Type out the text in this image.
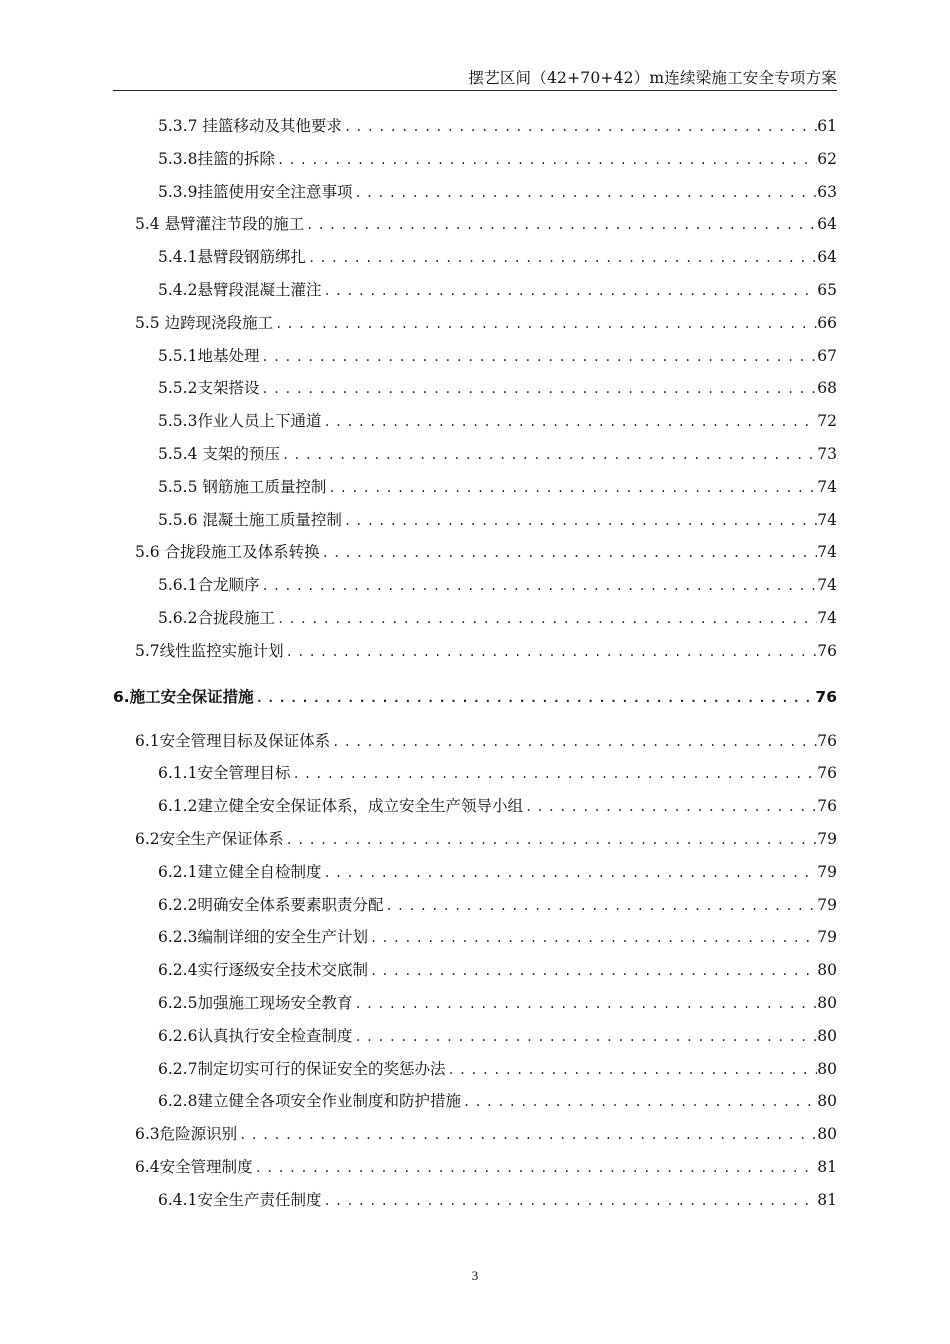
摆艺区间（42+70+42）m连续梁施工安全专项方案
5.3.7 挂篮移动及其他要求 .....	61
5.3.8挂篮的拆除 .....	62
5.3.9挂篮使用安全注意事项 .....	63
5.4 悬臂灌注节段的施工 .....	64
5.4.1悬臂段钢筋绑扎 .....	64
5.4.2悬臂段混凝土灌注 .....	65
5.5 边跨现浇段施工 .....	66
5.5.1地基处理 .....	67
5.5.2支架搭设 .....	68
5.5.3作业人员上下通道 .....	72
5.5.4 支架的预压 .....	73
5.5.5 钢筋施工质量控制 .....	74
5.5.6 混凝土施工质量控制 .....	74
5.6 合拢段施工及体系转换 .....	74
5.6.1合龙顺序 .....	74
5.6.2合拢段施工 .....	74
5.7线性监控实施计划 .....	76
6.施工安全保证措施 .....	76
6.1安全管理目标及保证体系 .....	76
6.1.1安全管理目标 .....	76
6.1.2建立健全安全保证体系，成立安全生产领导小组 .....	76
6.2安全生产保证体系 .....	79
6.2.1建立健全自检制度 .....	79
6.2.2明确安全体系要素职责分配 .....	79
6.2.3编制详细的安全生产计划 .....	79
6.2.4实行逐级安全技术交底制 .....	80
6.2.5加强施工现场安全教育 .....	80
6.2.6认真执行安全检查制度 .....	80
6.2.7制定切实可行的保证安全的奖惩办法 .....	80
6.2.8建立健全各项安全作业制度和防护措施 .....	80
6.3危险源识别 .....	80
6.4安全管理制度 .....	81
6.4.1安全生产责任制度 .....	81
3
